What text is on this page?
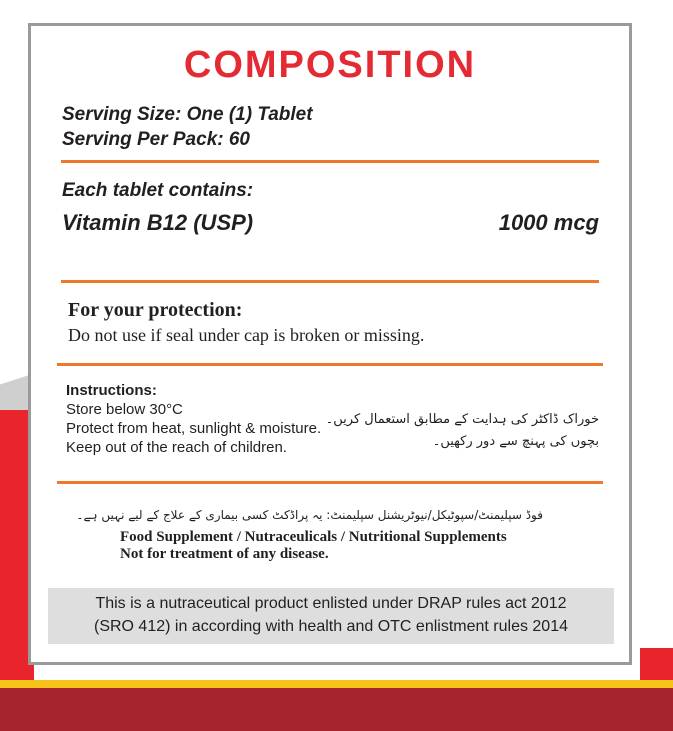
COMPOSITION
Serving Size: One (1) Tablet
Serving Per Pack: 60
Each tablet contains:
Vitamin B12 (USP)	1000 mcg
For your protection:
Do not use if seal under cap is broken or missing.
Instructions:
Store below 30°C
Protect from heat, sunlight & moisture.
Keep out of the reach of children.
خوراک ڈاکٹر کی ہدایت کے مطابق استعمال کریں۔
بچوں کی پہنچ سے دور رکھیں۔
فوڈ سپلیمنٹ/سپوٹیکل/نیوٹریشنل سپلیمنٹ: یہ پراڈکٹ کسی بیماری کے علاج کے لیے نہیں ہے۔
Food Supplement / Nutraceulicals / Nutritional Supplements
Not for treatment of any disease.
This is a nutraceutical product enlisted under DRAP rules act 2012
(SRO 412) in according with health and OTC enlistment rules 2014
